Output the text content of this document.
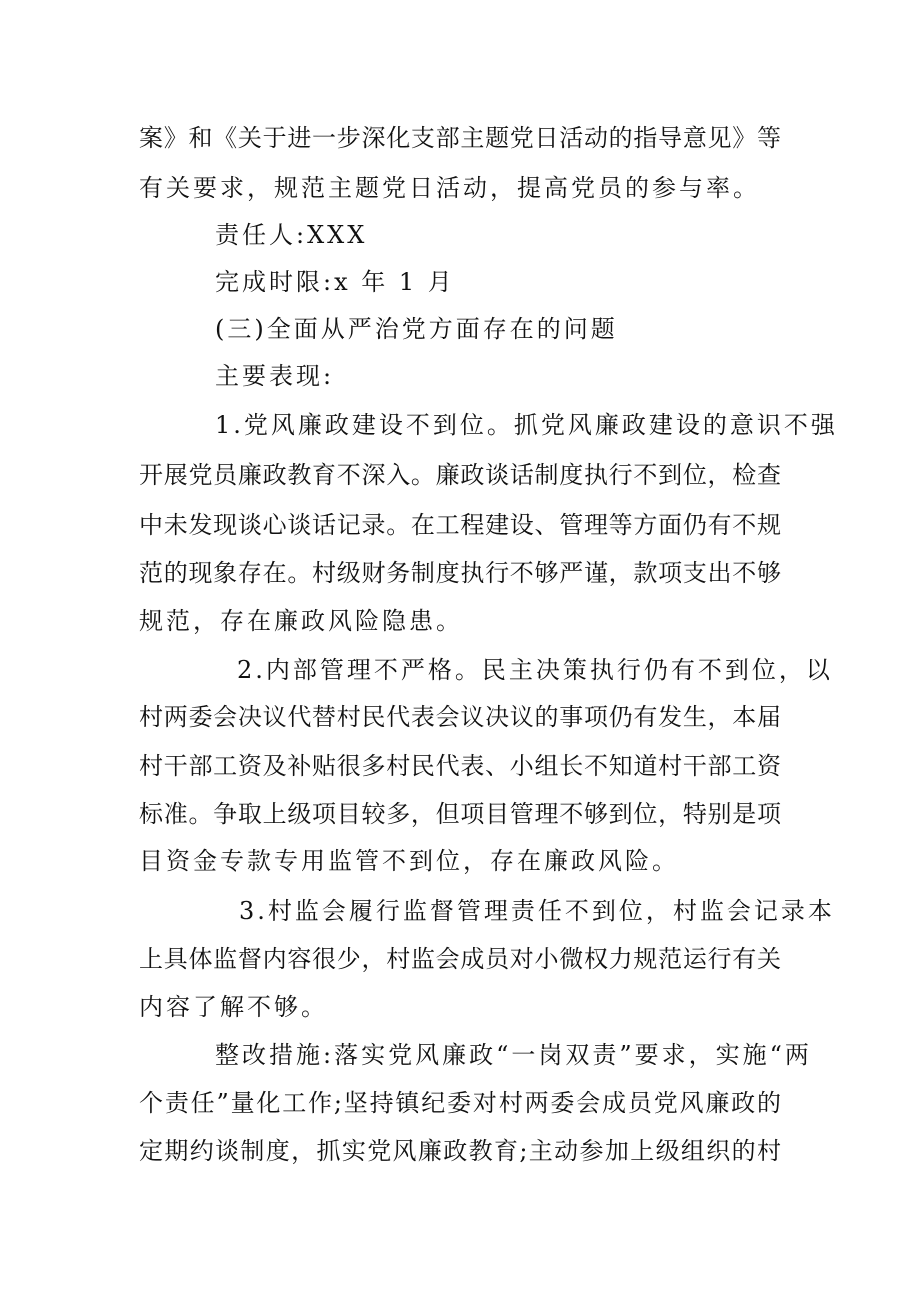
案》和《关于进一步深化支部主题党日活动的指导意见》等
有关要求，规范主题党日活动，提高党员的参与率。
责任人:XXX
完成时限:x 年 1 月
(三)全面从严治党方面存在的问题
主要表现:
1.党风廉政建设不到位。抓党风廉政建设的意识不强
开展党员廉政教育不深入。廉政谈话制度执行不到位，检查
中未发现谈心谈话记录。在工程建设、管理等方面仍有不规
范的现象存在。村级财务制度执行不够严谨，款项支出不够
规范，存在廉政风险隐患。
2.内部管理不严格。民主决策执行仍有不到位，以
村两委会决议代替村民代表会议决议的事项仍有发生，本届
村干部工资及补贴很多村民代表、小组长不知道村干部工资
标准。争取上级项目较多，但项目管理不够到位，特别是项
目资金专款专用监管不到位，存在廉政风险。
3.村监会履行监督管理责任不到位，村监会记录本
上具体监督内容很少，村监会成员对小微权力规范运行有关
内容了解不够。
整改措施:落实党风廉政“一岗双责”要求，实施“两
个责任”量化工作;坚持镇纪委对村两委会成员党风廉政的
定期约谈制度，抓实党风廉政教育;主动参加上级组织的村
